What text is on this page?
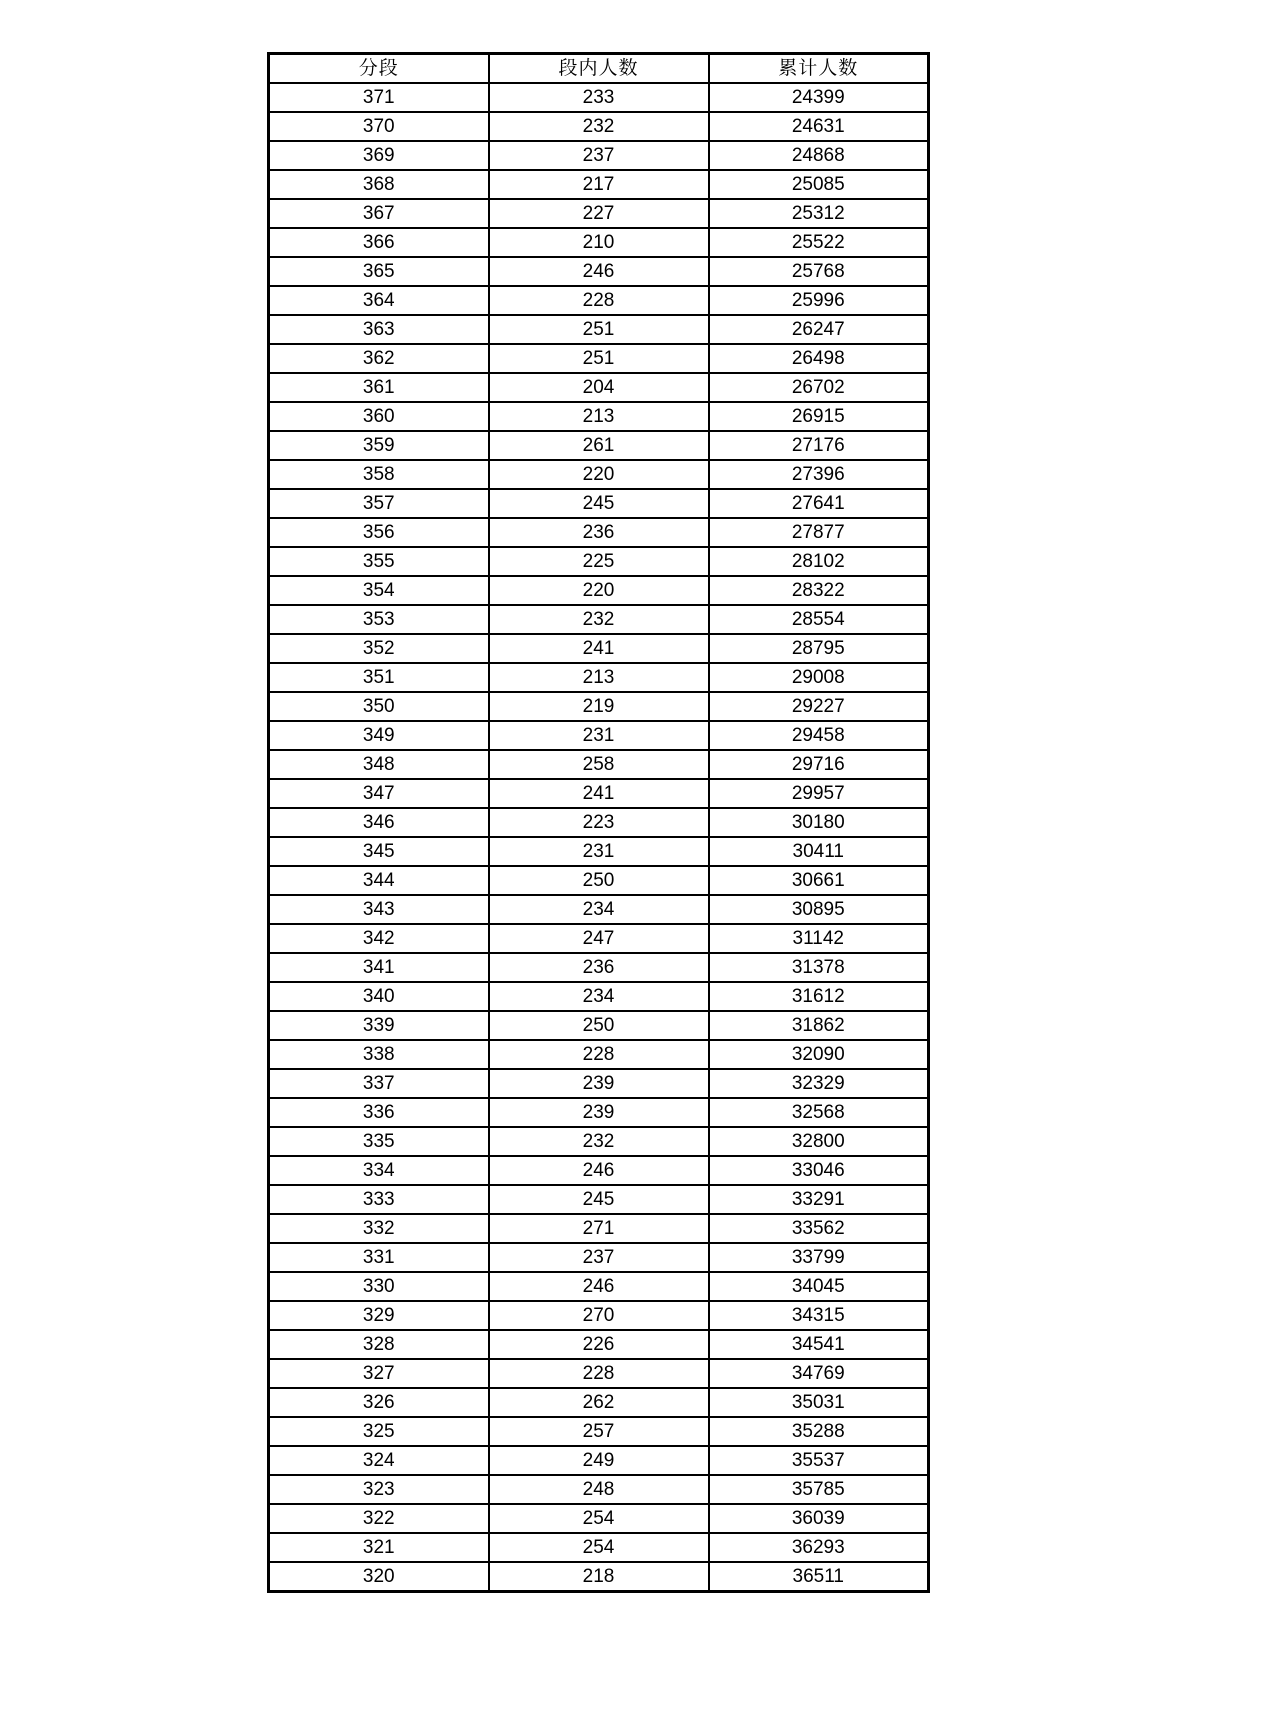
分段	段内人数	累计人数
371	233	24399
370	232	24631
369	237	24868
368	217	25085
367	227	25312
366	210	25522
365	246	25768
364	228	25996
363	251	26247
362	251	26498
361	204	26702
360	213	26915
359	261	27176
358	220	27396
357	245	27641
356	236	27877
355	225	28102
354	220	28322
353	232	28554
352	241	28795
351	213	29008
350	219	29227
349	231	29458
348	258	29716
347	241	29957
346	223	30180
345	231	30411
344	250	30661
343	234	30895
342	247	31142
341	236	31378
340	234	31612
339	250	31862
338	228	32090
337	239	32329
336	239	32568
335	232	32800
334	246	33046
333	245	33291
332	271	33562
331	237	33799
330	246	34045
329	270	34315
328	226	34541
327	228	34769
326	262	35031
325	257	35288
324	249	35537
323	248	35785
322	254	36039
321	254	36293
320	218	36511
